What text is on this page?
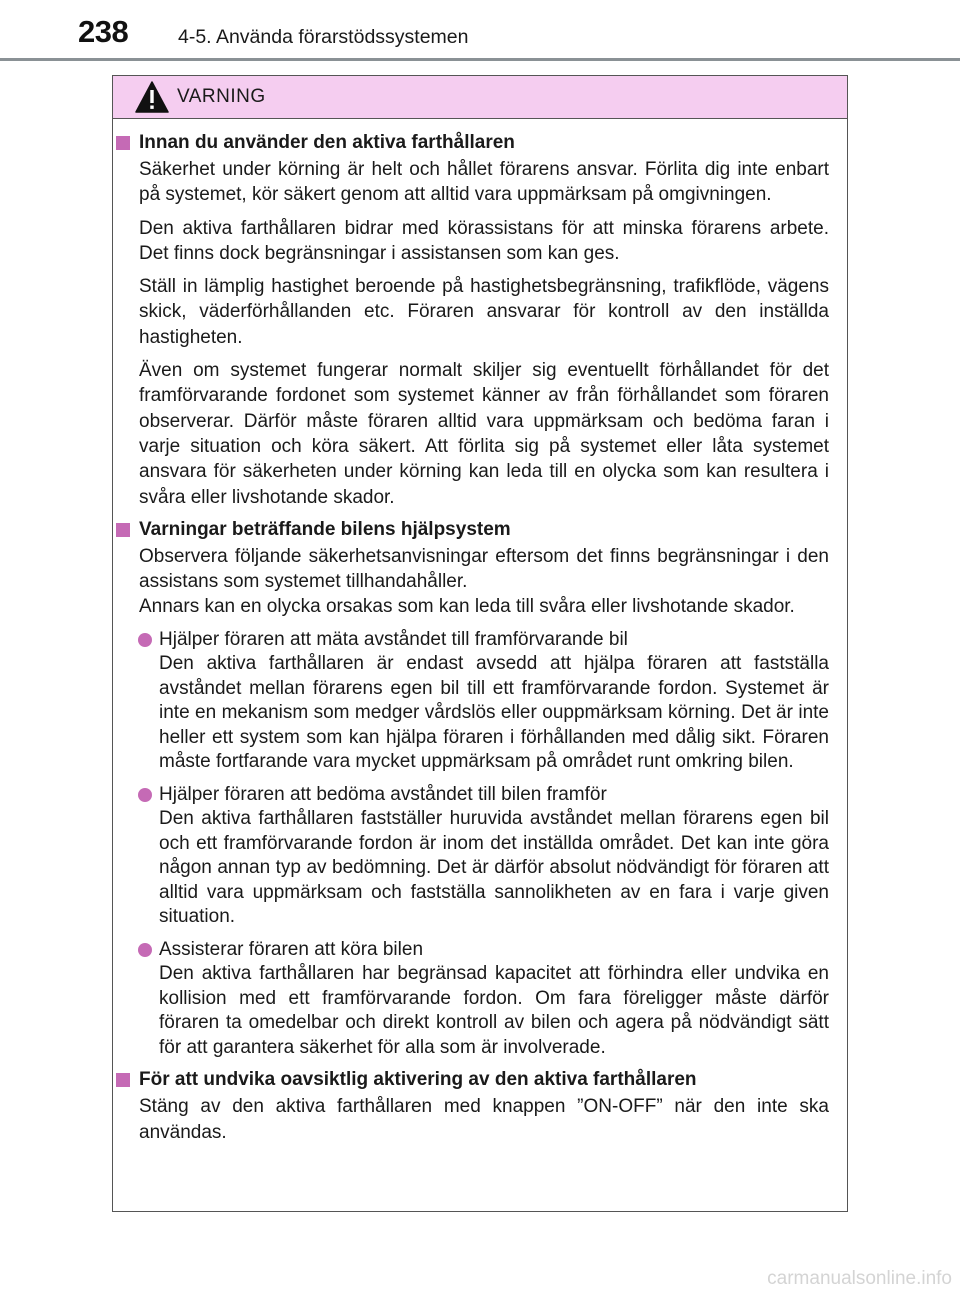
238	4-5. Använda förarstödssystemen
VARNING
Innan du använder den aktiva farthållaren

Säkerhet under körning är helt och hållet förarens ansvar. Förlita dig inte enbart på systemet, kör säkert genom att alltid vara uppmärksam på omgivningen.

Den aktiva farthållaren bidrar med körassistans för att minska förarens arbete. Det finns dock begränsningar i assistansen som kan ges.

Ställ in lämplig hastighet beroende på hastighetsbegränsning, trafikflöde, vägens skick, väderförhållanden etc. Föraren ansvarar för kontroll av den inställda hastigheten.

Även om systemet fungerar normalt skiljer sig eventuellt förhållandet för det framförvarande fordonet som systemet känner av från förhållandet som föraren observerar. Därför måste föraren alltid vara uppmärksam och bedöma faran i varje situation och köra säkert. Att förlita sig på systemet eller låta systemet ansvara för säkerheten under körning kan leda till en olycka som kan resultera i svåra eller livshotande skador.

Varningar beträffande bilens hjälpsystem

Observera följande säkerhetsanvisningar eftersom det finns begränsningar i den assistans som systemet tillhandahåller.

Annars kan en olycka orsakas som kan leda till svåra eller livshotande skador.

Hjälper föraren att mäta avståndet till framförvarande bil
Den aktiva farthållaren är endast avsedd att hjälpa föraren att fastställa avståndet mellan förarens egen bil till ett framförvarande fordon. Systemet är inte en mekanism som medger vårdslös eller ouppmärksam körning. Det är inte heller ett system som kan hjälpa föraren i förhållanden med dålig sikt. Föraren måste fortfarande vara mycket uppmärksam på området runt omkring bilen.
Hjälper föraren att bedöma avståndet till bilen framför
Den aktiva farthållaren fastställer huruvida avståndet mellan förarens egen bil och ett framförvarande fordon är inom det inställda området. Det kan inte göra någon annan typ av bedömning. Det är därför absolut nödvändigt för föraren att alltid vara uppmärksam och fastställa sannolikheten av en fara i varje given situation.
Assisterar föraren att köra bilen
Den aktiva farthållaren har begränsad kapacitet att förhindra eller undvika en kollision med ett framförvarande fordon. Om fara föreligger måste därför föraren ta omedelbar och direkt kontroll av bilen och agera på nödvändigt sätt för att garantera säkerhet för alla som är involverade.
För att undvika oavsiktlig aktivering av den aktiva farthållaren

Stäng av den aktiva farthållaren med knappen ”ON-OFF” när den inte ska användas.

carmanualsonline.info
